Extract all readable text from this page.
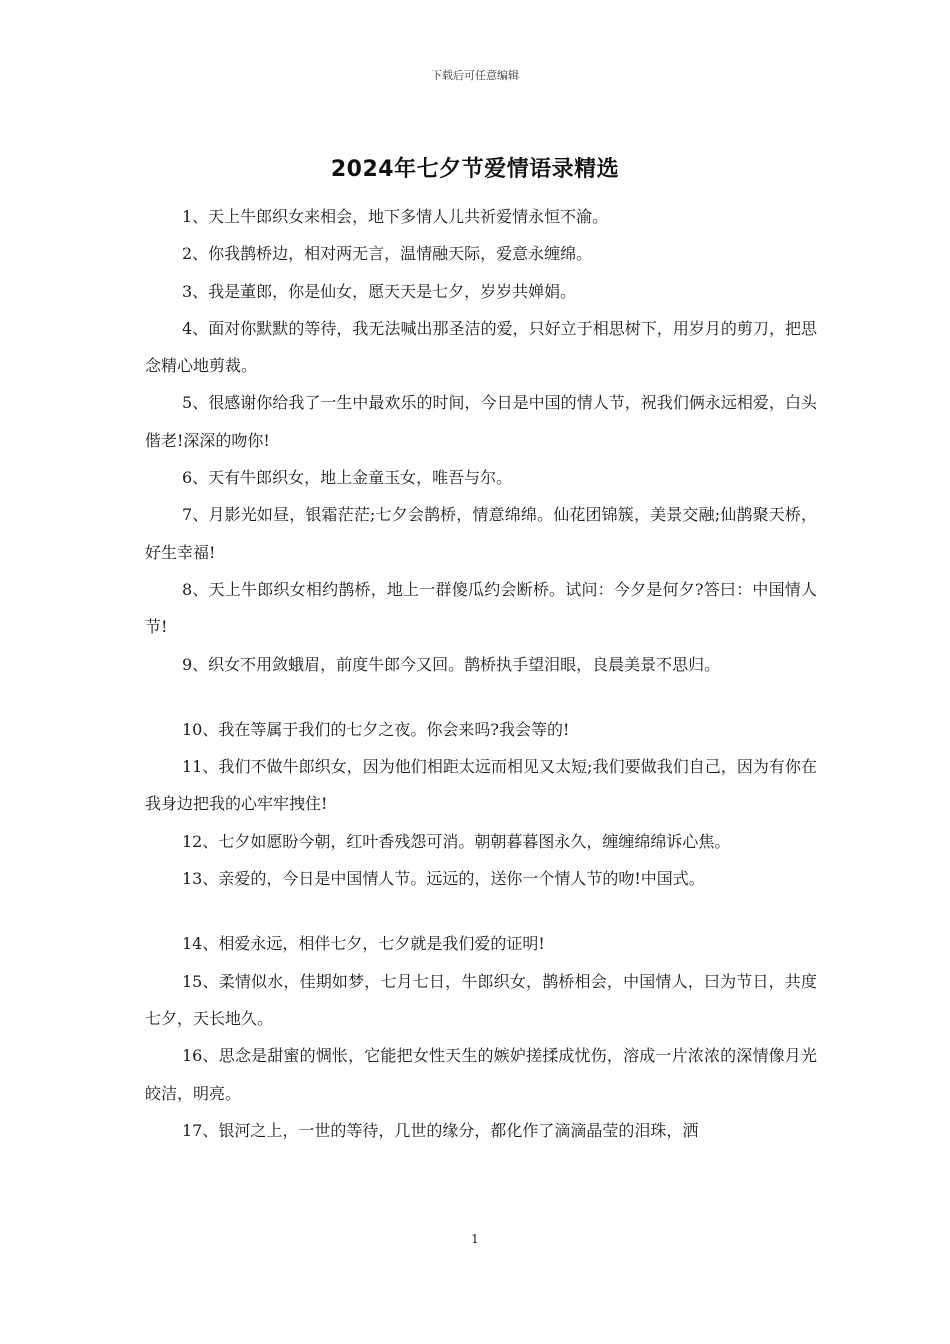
下载后可任意编辑
2024年七夕节爱情语录精选

1、天上牛郎织女来相会，地下多情人儿共祈爱情永恒不渝。

2、你我鹊桥边，相对两无言，温情融天际，爱意永缠绵。

3、我是董郎，你是仙女，愿天天是七夕，岁岁共婵娟。

4、面对你默默的等待，我无法喊出那圣洁的爱，只好立于相思树下，用岁月的剪刀，把思念精心地剪裁。

5、很感谢你给我了一生中最欢乐的时间，今日是中国的情人节，祝我们俩永远相爱，白头偕老!深深的吻你!

6、天有牛郎织女，地上金童玉女，唯吾与尔。

7、月影光如昼，银霜茫茫;七夕会鹊桥，情意绵绵。仙花团锦簇，美景交融;仙鹊聚天桥，好生幸福!

8、天上牛郎织女相约鹊桥，地上一群傻瓜约会断桥。试问：今夕是何夕?答曰：中国情人节!

9、织女不用敛蛾眉，前度牛郎今又回。鹊桥执手望泪眼，良晨美景不思归。

10、我在等属于我们的七夕之夜。你会来吗?我会等的!

11、我们不做牛郎织女，因为他们相距太远而相见又太短;我们要做我们自己，因为有你在我身边把我的心牢牢拽住!

12、七夕如愿盼今朝，红叶香残怨可消。朝朝暮暮图永久，缠缠绵绵诉心焦。

13、亲爱的，今日是中国情人节。远远的，送你一个情人节的吻!中国式。

14、相爱永远，相伴七夕，七夕就是我们爱的证明!

15、柔情似水，佳期如梦，七月七日，牛郎织女，鹊桥相会，中国情人，曰为节日，共度七夕，天长地久。

16、思念是甜蜜的惆怅，它能把女性天生的嫉妒搓揉成忧伤，溶成一片浓浓的深情像月光皎洁，明亮。

17、银河之上，一世的等待，几世的缘分，都化作了滴滴晶莹的泪珠，洒

1
